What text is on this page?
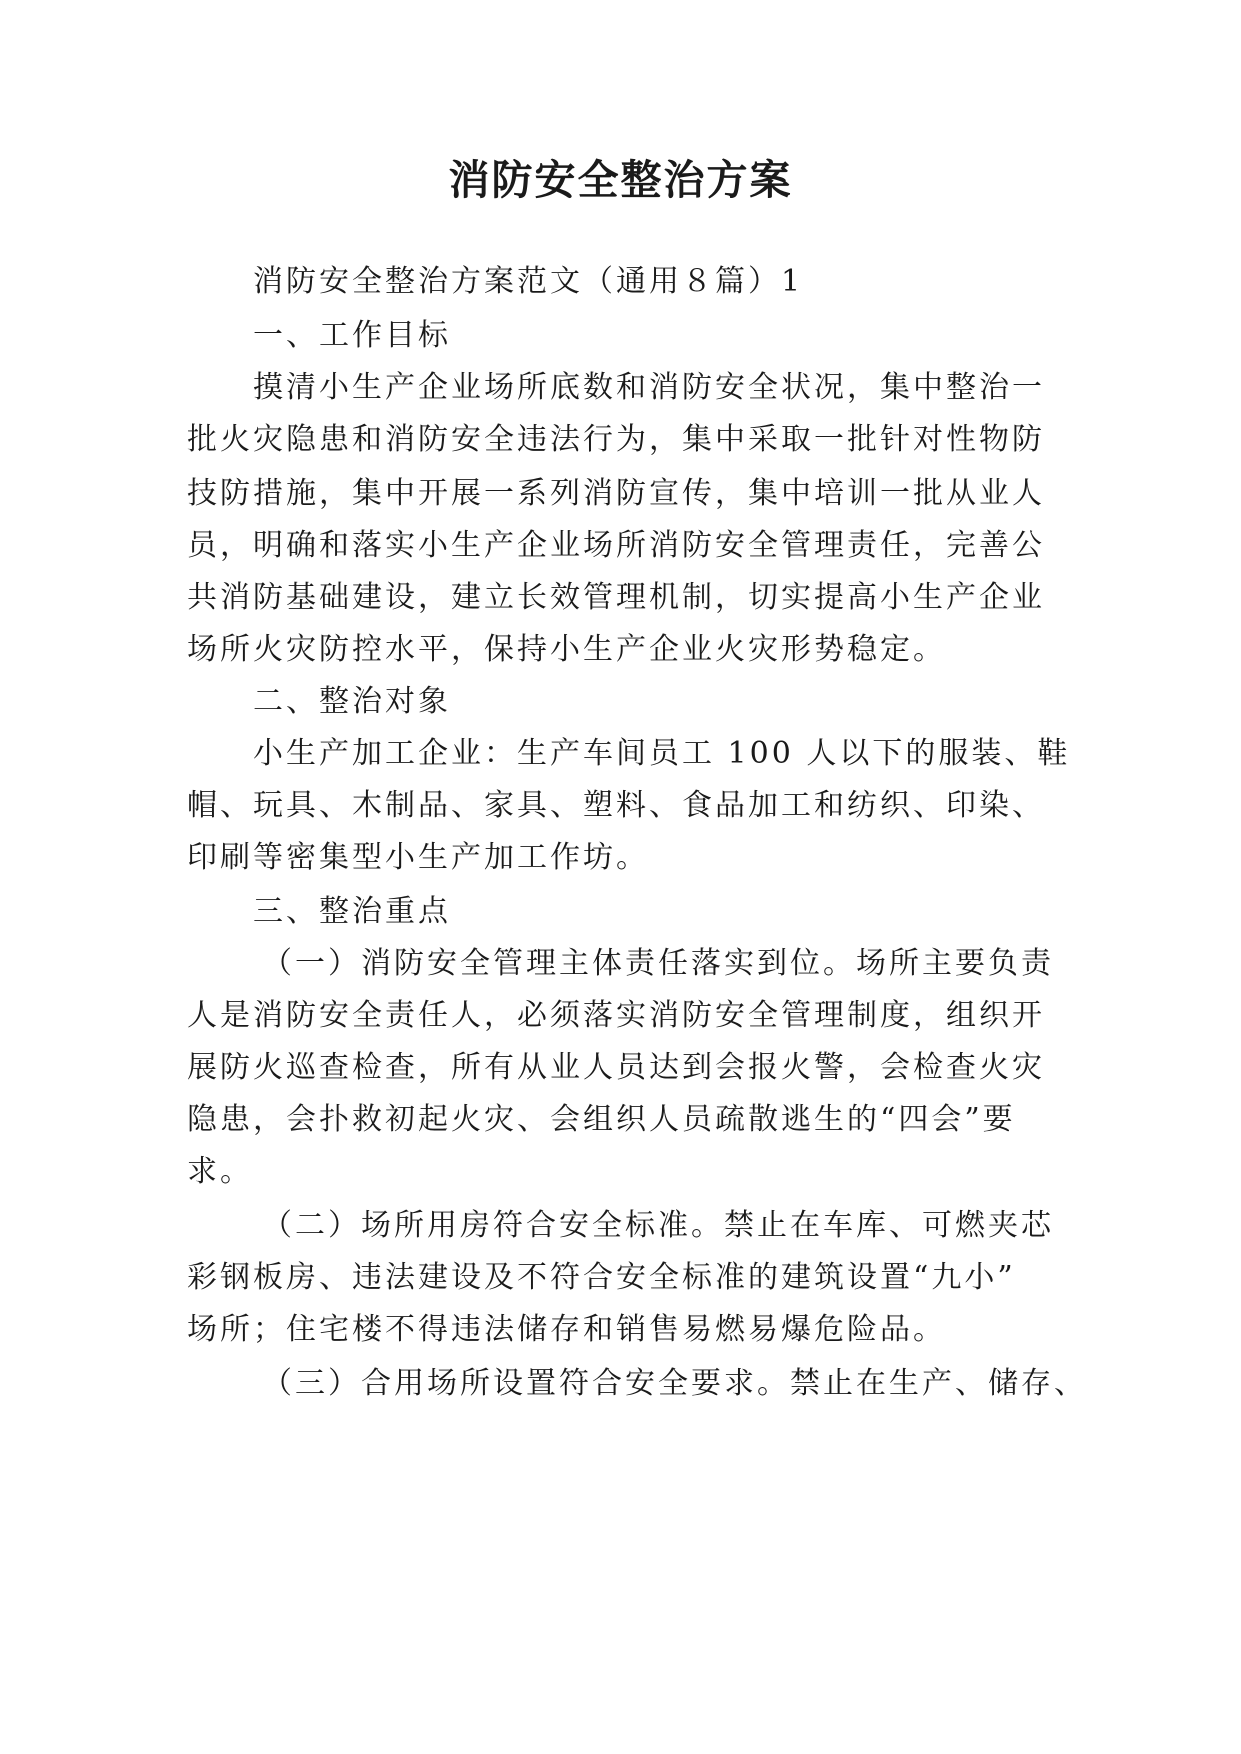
消防安全整治方案
消防安全整治方案范文（通用８篇）1
一、工作目标
摸清小生产企业场所底数和消防安全状况，集中整治一
批火灾隐患和消防安全违法行为，集中采取一批针对性物防
技防措施，集中开展一系列消防宣传，集中培训一批从业人
员，明确和落实小生产企业场所消防安全管理责任，完善公
共消防基础建设，建立长效管理机制，切实提高小生产企业
场所火灾防控水平，保持小生产企业火灾形势稳定。
二、整治对象
小生产加工企业：生产车间员工 100 人以下的服装、鞋
帽、玩具、木制品、家具、塑料、食品加工和纺织、印染、
印刷等密集型小生产加工作坊。
三、整治重点
（一）消防安全管理主体责任落实到位。场所主要负责
人是消防安全责任人，必须落实消防安全管理制度，组织开
展防火巡查检查，所有从业人员达到会报火警，会检查火灾
隐患，会扑救初起火灾、会组织人员疏散逃生的“四会”要
求。
（二）场所用房符合安全标准。禁止在车库、可燃夹芯
彩钢板房、违法建设及不符合安全标准的建筑设置“九小”
场所；住宅楼不得违法储存和销售易燃易爆危险品。
（三）合用场所设置符合安全要求。禁止在生产、储存、
